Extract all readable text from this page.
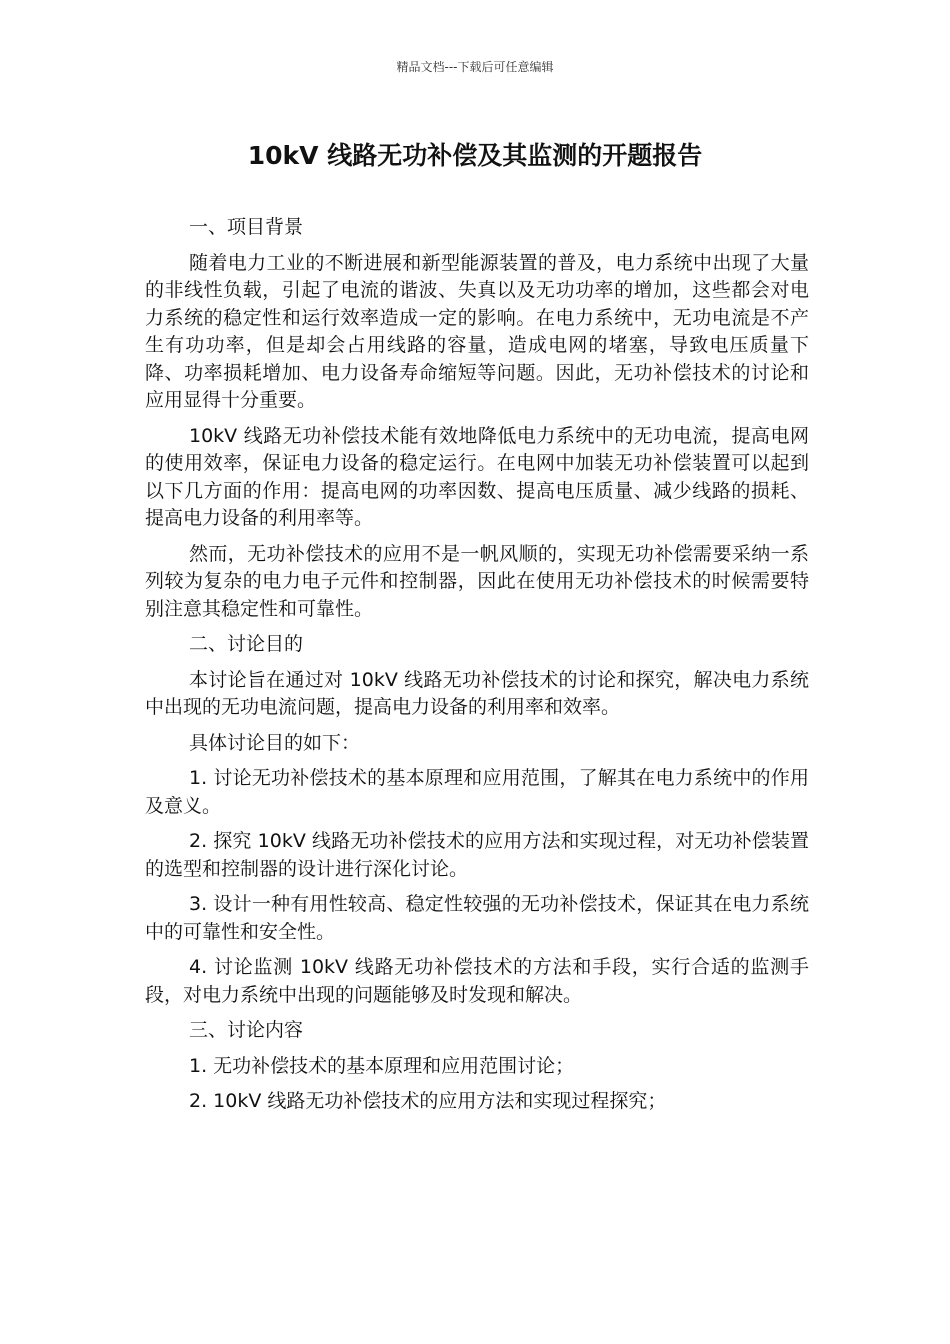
精品文档---下载后可任意编辑
10kV 线路无功补偿及其监测的开题报告

一、项目背景

随着电力工业的不断进展和新型能源装置的普及，电力系统中出现了大量的非线性负载，引起了电流的谐波、失真以及无功功率的增加，这些都会对电力系统的稳定性和运行效率造成一定的影响。在电力系统中，无功电流是不产生有功功率，但是却会占用线路的容量，造成电网的堵塞，导致电压质量下降、功率损耗增加、电力设备寿命缩短等问题。因此，无功补偿技术的讨论和应用显得十分重要。

10kV 线路无功补偿技术能有效地降低电力系统中的无功电流，提高电网的使用效率，保证电力设备的稳定运行。在电网中加装无功补偿装置可以起到以下几方面的作用：提高电网的功率因数、提高电压质量、减少线路的损耗、提高电力设备的利用率等。

然而，无功补偿技术的应用不是一帆风顺的，实现无功补偿需要采纳一系列较为复杂的电力电子元件和控制器，因此在使用无功补偿技术的时候需要特别注意其稳定性和可靠性。

二、讨论目的

本讨论旨在通过对 10kV 线路无功补偿技术的讨论和探究，解决电力系统中出现的无功电流问题，提高电力设备的利用率和效率。

具体讨论目的如下：

1. 讨论无功补偿技术的基本原理和应用范围，了解其在电力系统中的作用及意义。

2. 探究 10kV 线路无功补偿技术的应用方法和实现过程，对无功补偿装置的选型和控制器的设计进行深化讨论。

3. 设计一种有用性较高、稳定性较强的无功补偿技术，保证其在电力系统中的可靠性和安全性。

4. 讨论监测 10kV 线路无功补偿技术的方法和手段，实行合适的监测手段，对电力系统中出现的问题能够及时发现和解决。

三、讨论内容

1. 无功补偿技术的基本原理和应用范围讨论；

2. 10kV 线路无功补偿技术的应用方法和实现过程探究；
